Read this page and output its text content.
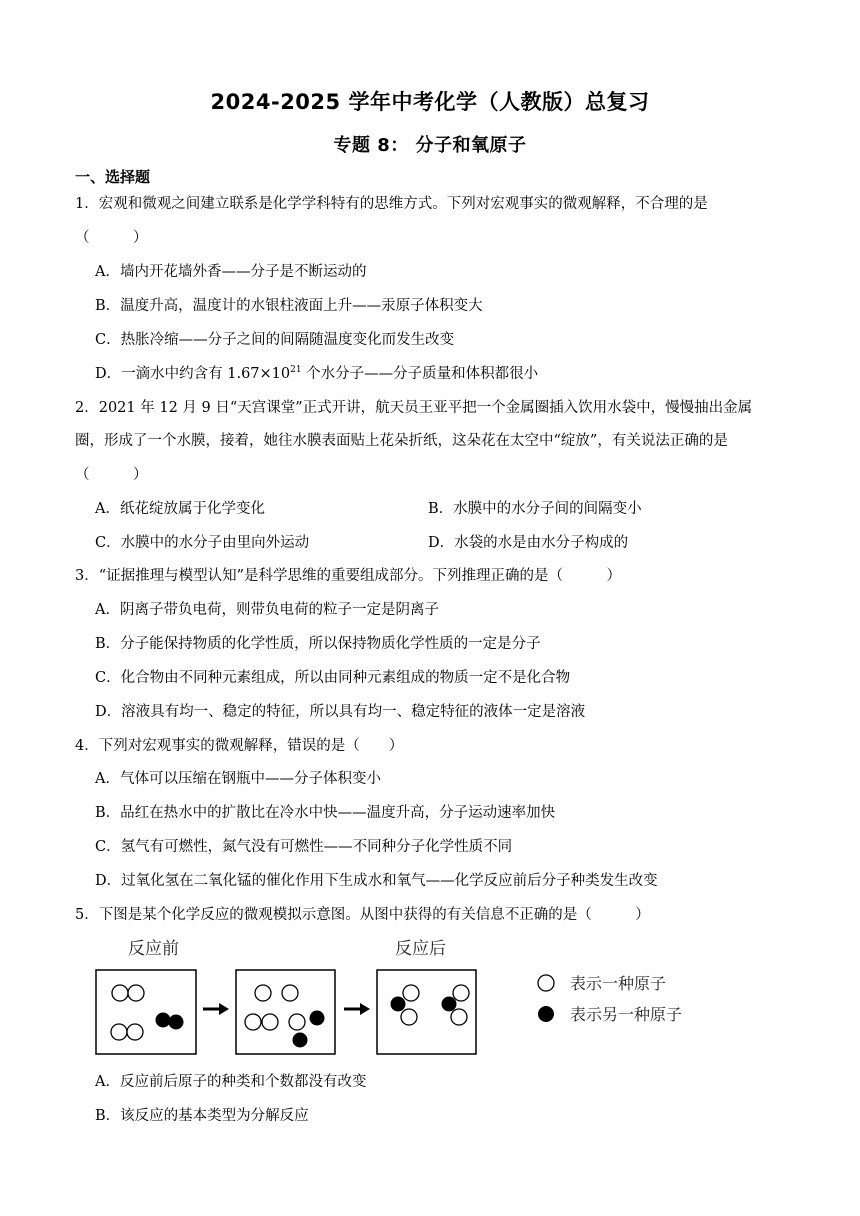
2024-2025 学年中考化学（人教版）总复习
专题 8： 分子和氧原子
一、选择题
1．宏观和微观之间建立联系是化学学科特有的思维方式。下列对宏观事实的微观解释，不合理的是
（　　　）
A．墙内开花墙外香——分子是不断运动的
B．温度升高，温度计的水银柱液面上升——汞原子体积变大
C．热胀冷缩——分子之间的间隔随温度变化而发生改变
D．一滴水中约含有 $1.67\times 10^{21}$ 个水分子——分子质量和体积都很小
2．2021 年 12 月 9 日“天宫课堂”正式开讲，航天员王亚平把一个金属圈插入饮用水袋中，慢慢抽出金属
圈，形成了一个水膜，接着，她往水膜表面贴上花朵折纸，这朵花在太空中“绽放”，有关说法正确的是
（　　　）
A．纸花绽放属于化学变化	B．水膜中的水分子间的间隔变小
C．水膜中的水分子由里向外运动	D．水袋的水是由水分子构成的
3．“证据推理与模型认知”是科学思维的重要组成部分。下列推理正确的是（　　　）
A．阴离子带负电荷，则带负电荷的粒子一定是阴离子
B．分子能保持物质的化学性质，所以保持物质化学性质的一定是分子
C．化合物由不同种元素组成，所以由同种元素组成的物质一定不是化合物
D．溶液具有均一、稳定的特征，所以具有均一、稳定特征的液体一定是溶液
4．下列对宏观事实的微观解释，错误的是（　　）
A．气体可以压缩在钢瓶中——分子体积变小
B．品红在热水中的扩散比在冷水中快——温度升高，分子运动速率加快
C．氢气有可燃性，氮气没有可燃性——不同种分子化学性质不同
D．过氧化氢在二氧化锰的催化作用下生成水和氧气——化学反应前后分子种类发生改变
5．下图是某个化学反应的微观模拟示意图。从图中获得的有关信息不正确的是（　　　）
反应前	反应后
表示一种原子
表示另一种原子
A．反应前后原子的种类和个数都没有改变
B．该反应的基本类型为分解反应
